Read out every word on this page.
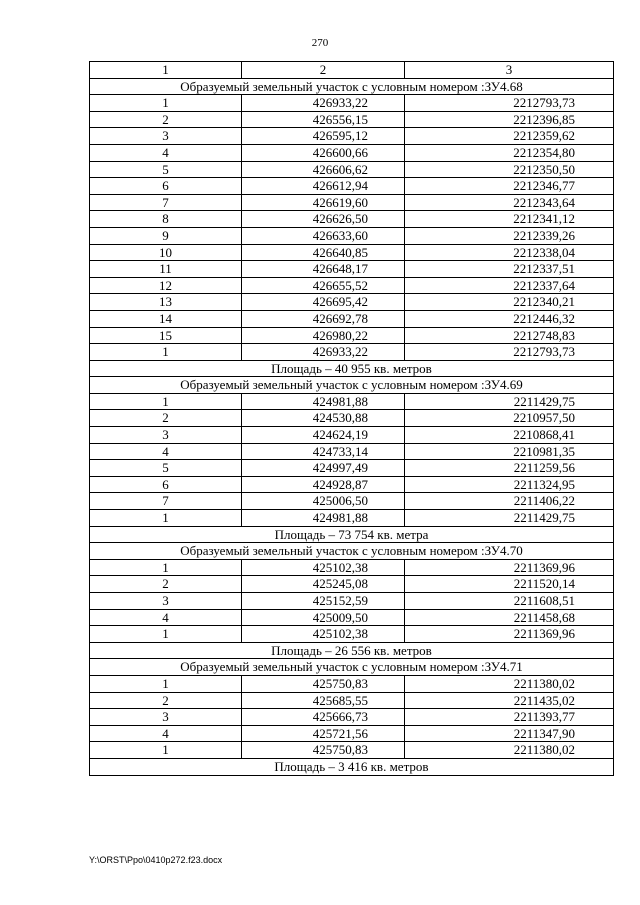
270
1	2	3
Образуемый земельный участок с условным номером :ЗУ4.68		
1	426933,22	2212793,73
2	426556,15	2212396,85
3	426595,12	2212359,62
4	426600,66	2212354,80
5	426606,62	2212350,50
6	426612,94	2212346,77
7	426619,60	2212343,64
8	426626,50	2212341,12
9	426633,60	2212339,26
10	426640,85	2212338,04
11	426648,17	2212337,51
12	426655,52	2212337,64
13	426695,42	2212340,21
14	426692,78	2212446,32
15	426980,22	2212748,83
1	426933,22	2212793,73
Площадь – 40 955 кв. метров		
Образуемый земельный участок с условным номером :ЗУ4.69		
1	424981,88	2211429,75
2	424530,88	2210957,50
3	424624,19	2210868,41
4	424733,14	2210981,35
5	424997,49	2211259,56
6	424928,87	2211324,95
7	425006,50	2211406,22
1	424981,88	2211429,75
Площадь – 73 754 кв. метра		
Образуемый земельный участок с условным номером :ЗУ4.70		
1	425102,38	2211369,96
2	425245,08	2211520,14
3	425152,59	2211608,51
4	425009,50	2211458,68
1	425102,38	2211369,96
Площадь – 26 556 кв. метров		
Образуемый земельный участок с условным номером :ЗУ4.71		
1	425750,83	2211380,02
2	425685,55	2211435,02
3	425666,73	2211393,77
4	425721,56	2211347,90
1	425750,83	2211380,02
Площадь – 3 416 кв. метров		
Y:\ORST\Ppo\0410p272.f23.docx
